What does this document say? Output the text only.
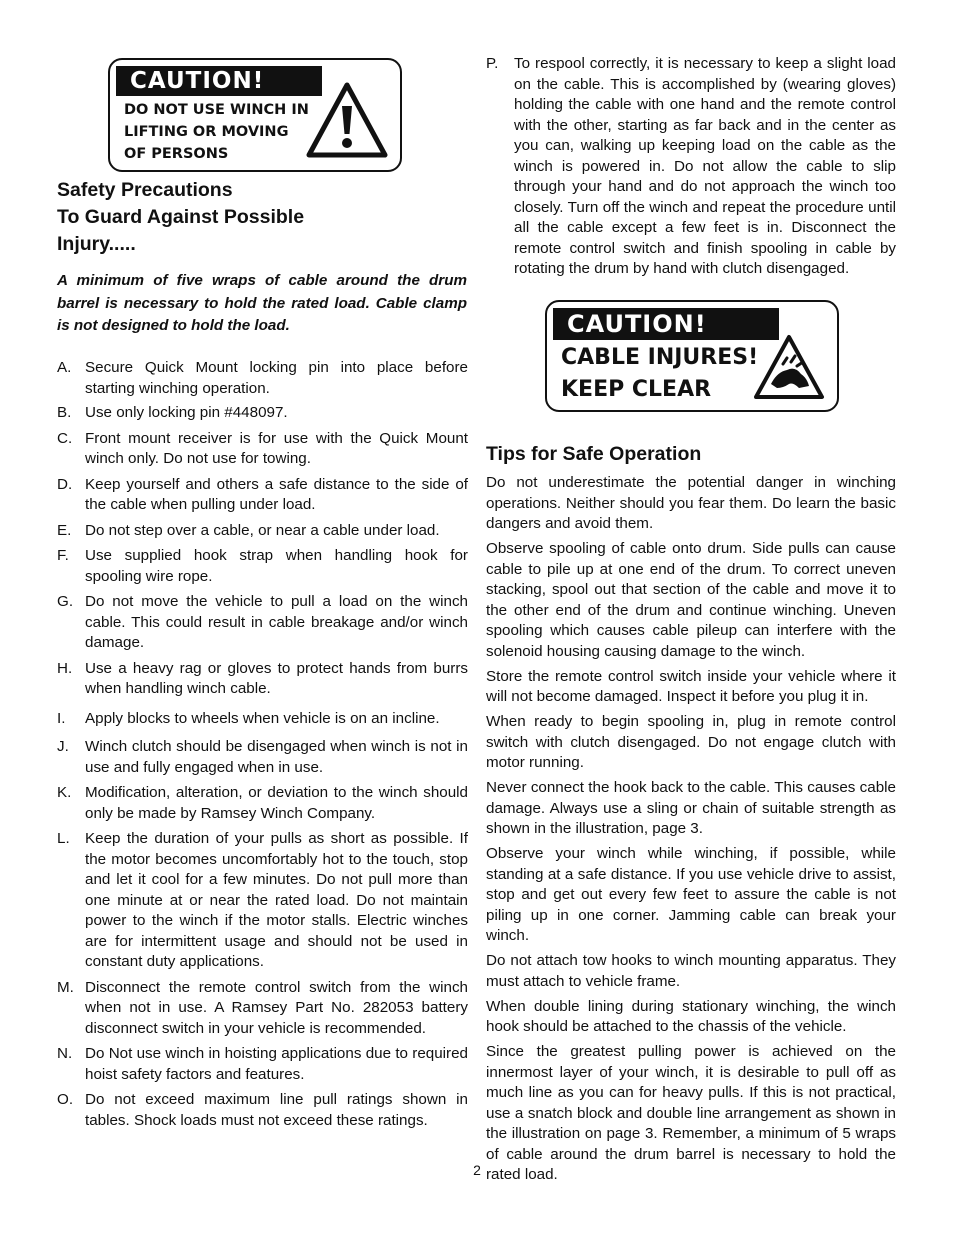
CAUTION!
DO NOT USE WINCH IN
LIFTING OR MOVING
OF PERSONS
Safety Precautions
To Guard Against Possible
Injury.....
A minimum of five wraps of cable around the drum barrel is necessary to hold the rated load. Cable clamp is not designed to hold the load.
A. Secure Quick Mount locking pin into place before starting winching operation.
B. Use only locking pin #448097.
C. Front mount receiver is for use with the Quick Mount winch only. Do not use for towing.
D. Keep yourself and others a safe distance to the side of the cable when pulling under load.
E. Do not step over a cable, or near a cable under load.
F. Use supplied hook strap when handling hook for spooling wire rope.
G. Do not move the vehicle to pull a load on the winch cable. This could result in cable breakage and/or winch damage.
H. Use a heavy rag or gloves to protect hands from burrs when handling winch cable.
I. Apply blocks to wheels when vehicle is on an incline.
J. Winch clutch should be disengaged when winch is not in use and fully engaged when in use.
K. Modification, alteration, or deviation to the winch should only be made by Ramsey Winch Company.
L. Keep the duration of your pulls as short as possible. If the motor becomes uncomfortably hot to the touch, stop and let it cool for a few minutes. Do not pull more than one minute at or near the rated load. Do not maintain power to the winch if the motor stalls. Electric winches are for intermittent usage and should not be used in constant duty applications.
M. Disconnect the remote control switch from the winch when not in use. A Ramsey Part No. 282053 battery disconnect switch in your vehicle is recommended.
N. Do Not use winch in hoisting applications due to required hoist safety factors and features.
O. Do not exceed maximum line pull ratings shown in tables. Shock loads must not exceed these ratings.
P. To respool correctly, it is necessary to keep a slight load on the cable. This is accomplished by (wearing gloves) holding the cable with one hand and the remote control with the other, starting as far back and in the center as you can, walking up keeping load on the cable as the winch is powered in. Do not allow the cable to slip through your hand and do not approach the winch too closely. Turn off the winch and repeat the procedure until all the cable except a few feet is in. Disconnect the remote control switch and finish spooling in cable by rotating the drum by hand with clutch disengaged.
CAUTION!
CABLE INJURES!
KEEP CLEAR
Tips for Safe Operation

Do not underestimate the potential danger in winching operations. Neither should you fear them. Do learn the basic dangers and avoid them.

Observe spooling of cable onto drum. Side pulls can cause cable to pile up at one end of the drum. To correct uneven stacking, spool out that section of the cable and move it to the other end of the drum and continue winching. Uneven spooling which causes cable pileup can interfere with the solenoid housing causing damage to the winch.

Store the remote control switch inside your vehicle where it will not become damaged. Inspect it before you plug it in.

When ready to begin spooling in, plug in remote control switch with clutch disengaged. Do not engage clutch with motor running.

Never connect the hook back to the cable. This causes cable damage. Always use a sling or chain of suitable strength as shown in the illustration, page 3.

Observe your winch while winching, if possible, while standing at a safe distance. If you use vehicle drive to assist, stop and get out every few feet to assure the cable is not piling up in one corner. Jamming cable can break your winch.

Do not attach tow hooks to winch mounting apparatus. They must attach to vehicle frame.

When double lining during stationary winching, the winch hook should be attached to the chassis of the vehicle.

Since the greatest pulling power is achieved on the innermost layer of your winch, it is desirable to pull off as much line as you can for heavy pulls. If this is not practical, use a snatch block and double line arrangement as shown in the illustration on page 3. Remember, a minimum of 5 wraps of cable around the drum barrel is necessary to hold the rated load.

2
